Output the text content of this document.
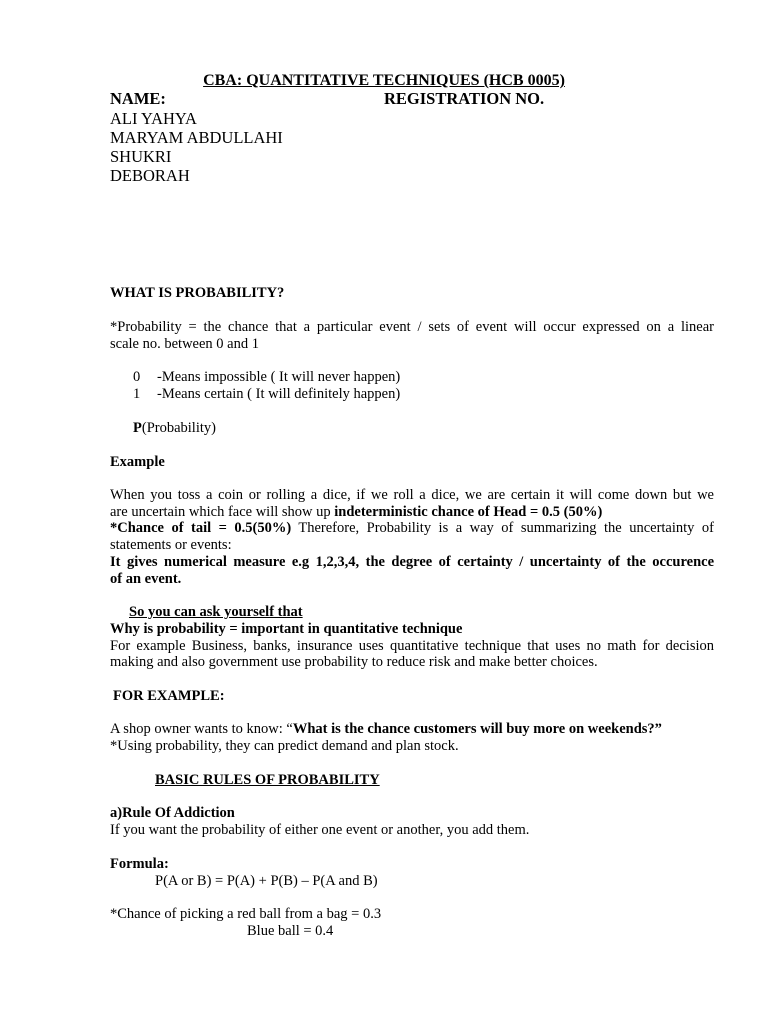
CBA: QUANTITATIVE TECHNIQUES (HCB 0005)
NAME:	REGISTRATION NO.
ALI YAHYA
MARYAM ABDULLAHI
SHUKRI
DEBORAH
WHAT IS PROBABILITY?
*Probability = the chance that a particular event / sets of event will occur expressed on a linear
scale no. between 0 and 1
0 -Means impossible ( It will never happen)
1 -Means certain ( It will definitely happen)
P(Probability)
Example
When you toss a coin or rolling a dice, if we roll a dice, we are certain it will come down but we
are uncertain which face will show up indeterministic chance of Head = 0.5 (50%)
*Chance of tail = 0.5(50%) Therefore, Probability is a way of summarizing the uncertainty of
statements or events:
It gives numerical measure e.g 1,2,3,4, the degree of certainty / uncertainty of the occurence
of an event.
So you can ask yourself that
Why is probability = important in quantitative technique
For example Business, banks, insurance uses quantitative technique that uses no math for decision
making and also government use probability to reduce risk and make better choices.
FOR EXAMPLE:
A shop owner wants to know: “What is the chance customers will buy more on weekends?”
*Using probability, they can predict demand and plan stock.
BASIC RULES OF PROBABILITY
a)Rule Of Addiction
If you want the probability of either one event or another, you add them.
Formula:
P(A or B) = P(A) + P(B) – P(A and B)
*Chance of picking a red ball from a bag = 0.3
Blue ball = 0.4
